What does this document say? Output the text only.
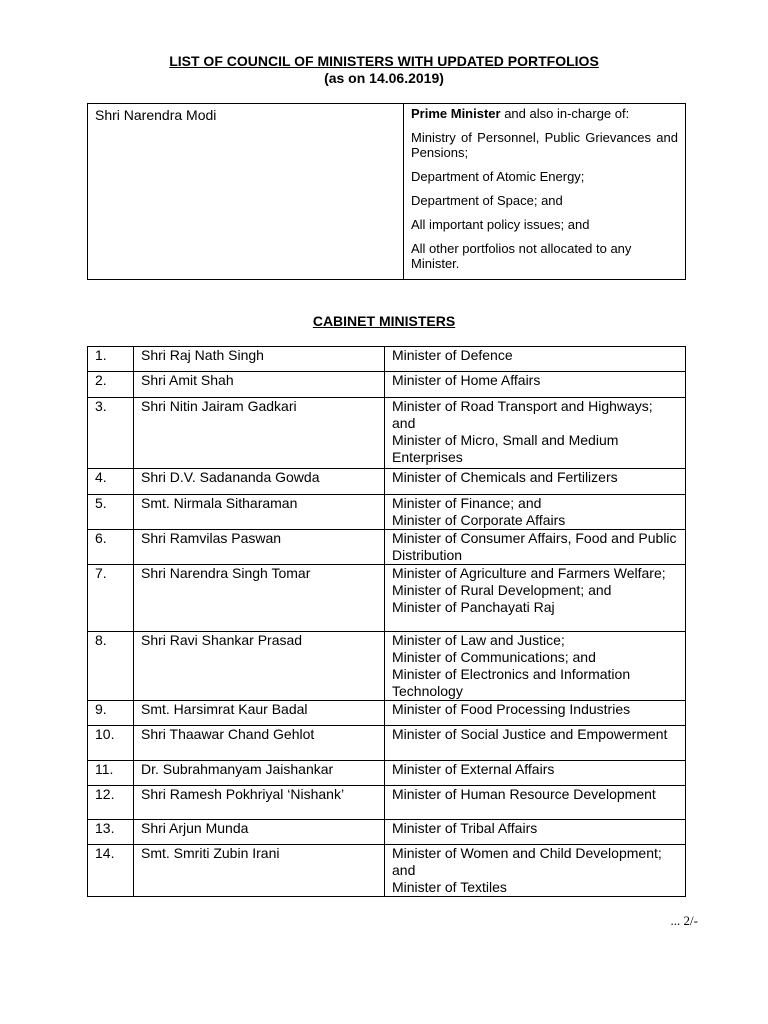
LIST OF COUNCIL OF MINISTERS WITH UPDATED PORTFOLIOS
(as on 14.06.2019)
Shri Narendra Modi	Prime Minister and also in-charge of:
Ministry of Personnel, Public Grievances and Pensions;
Department of Atomic Energy;
Department of Space; and
All important policy issues; and
All other portfolios not allocated to any Minister.
CABINET MINISTERS
1.	Shri Raj Nath Singh	Minister of Defence

2.	Shri Amit Shah	Minister of Home Affairs

3.	Shri Nitin Jairam Gadkari	Minister of Road Transport and Highways; and
Minister of Micro, Small and Medium Enterprises

4.	Shri D.V. Sadananda Gowda	Minister of Chemicals and Fertilizers

5.	Smt. Nirmala Sitharaman	Minister of Finance; and
Minister of Corporate Affairs

6.	Shri Ramvilas Paswan	Minister of Consumer Affairs, Food and Public Distribution

7.	Shri Narendra Singh Tomar	Minister of Agriculture and Farmers Welfare;
Minister of Rural Development; and
Minister of Panchayati Raj

8.	Shri Ravi Shankar Prasad	Minister of Law and Justice;
Minister of Communications; and
Minister of Electronics and Information Technology

9.	Smt. Harsimrat Kaur Badal	Minister of Food Processing Industries

10.	Shri Thaawar Chand Gehlot	Minister of Social Justice and Empowerment

11.	Dr. Subrahmanyam Jaishankar	Minister of External Affairs

12.	Shri Ramesh Pokhriyal ‘Nishank’	Minister of Human Resource Development

13.	Shri Arjun Munda	Minister of Tribal Affairs

14.	Smt. Smriti Zubin Irani	Minister of Women and Child Development; and
Minister of Textiles
... 2/-
